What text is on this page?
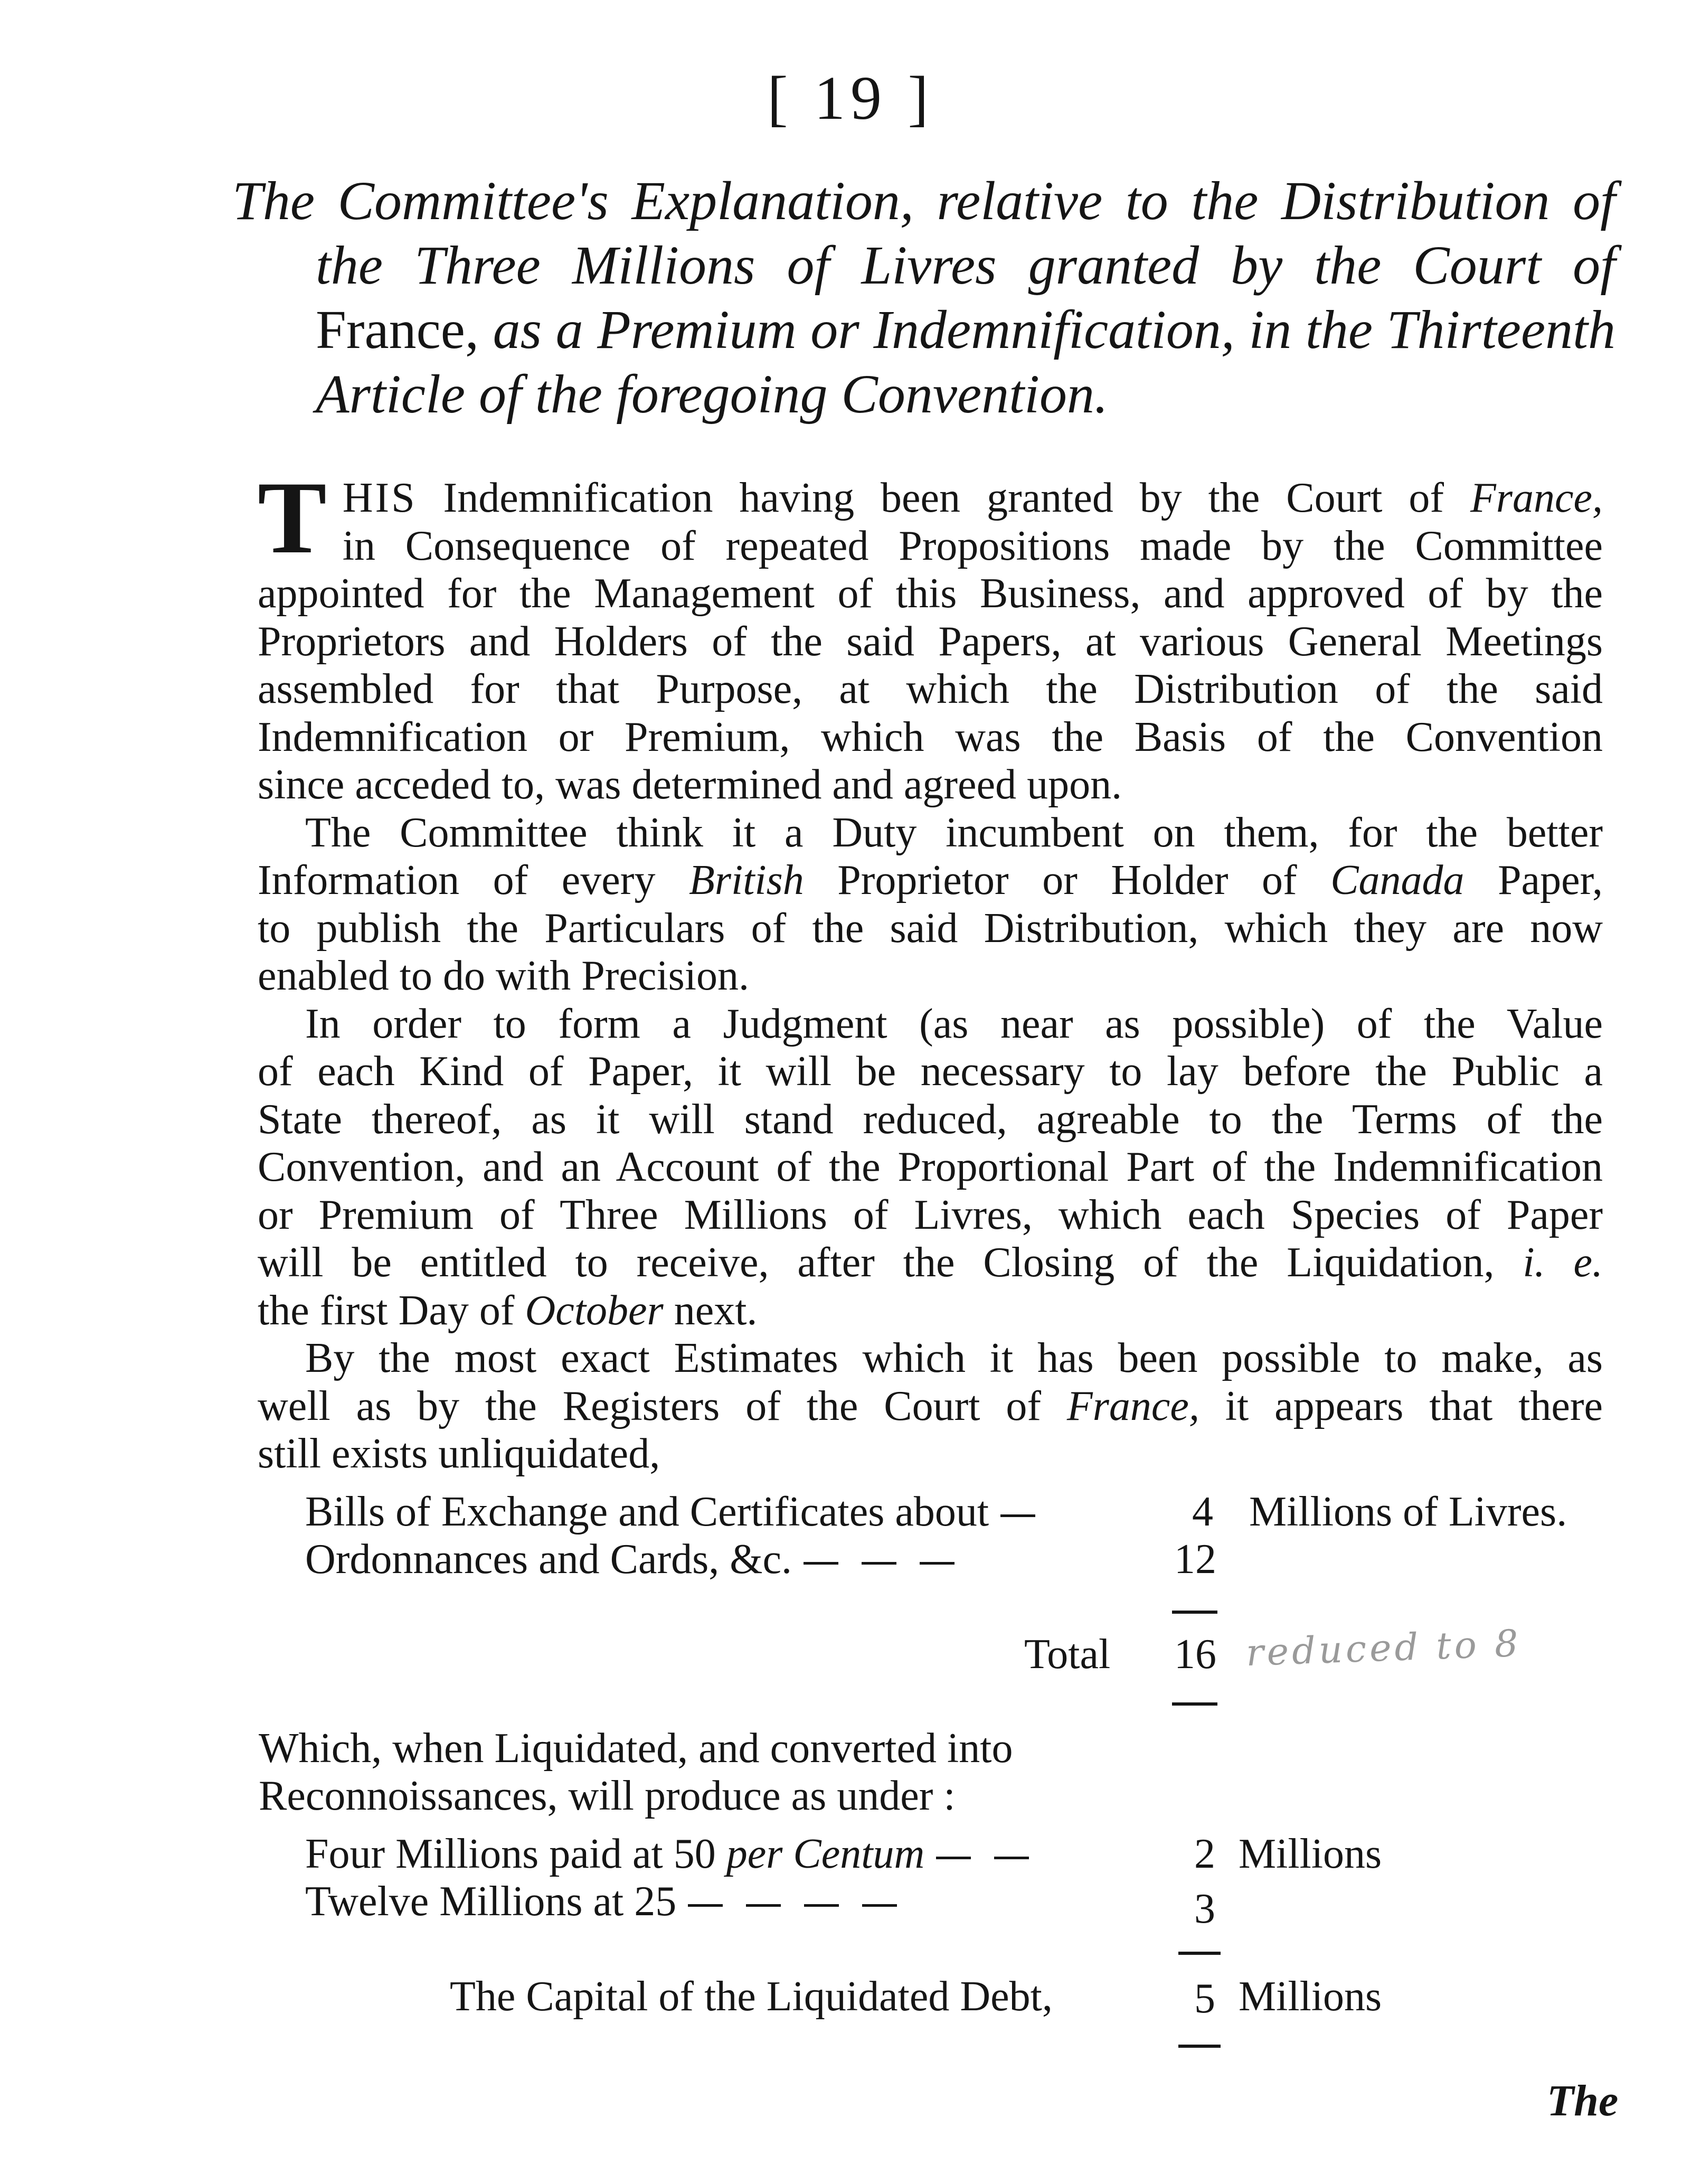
[ 19 ]
The Committee's Explanation, relative to the Distribution of
the Three Millions of Livres granted by the Court of
France, as a Premium or Indemnification, in the Thirteenth
Article of the foregoing Convention.
T HIS Indemnification having been granted by the Court of France,
in Consequence of repeated Propositions made by the Committee
appointed for the Management of this Business, and approved of by the
Proprietors and Holders of the said Papers, at various General Meetings
assembled for that Purpose, at which the Distribution of the said
Indemnification or Premium, which was the Basis of the Convention
since acceded to, was determined and agreed upon.
The Committee think it a Duty incumbent on them, for the better
Information of every British Proprietor or Holder of Canada Paper,
to publish the Particulars of the said Distribution, which they are now
enabled to do with Precision.
In order to form a Judgment (as near as possible) of the Value
of each Kind of Paper, it will be necessary to lay before the Public a
State thereof, as it will stand reduced, agreable to the Terms of the
Convention, and an Account of the Proportional Part of the Indemnification
or Premium of Three Millions of Livres, which each Species of Paper
will be entitled to receive, after the Closing of the Liquidation, i. e.
the first Day of October next.
By the most exact Estimates which it has been possible to make, as
well as by the Registers of the Court of France, it appears that there
still exists unliquidated,
Bills of Exchange and Certificates about	4 Millions of Livres.
Ordonnances and Cards, &c.	12
Total 16 reduced to 8
Which, when Liquidated, and converted into
Reconnoissances, will produce as under :
Four Millions paid at 50 per Centum	2 Millions
Twelve Millions at 25	3
The Capital of the Liquidated Debt,	5 Millions
The
